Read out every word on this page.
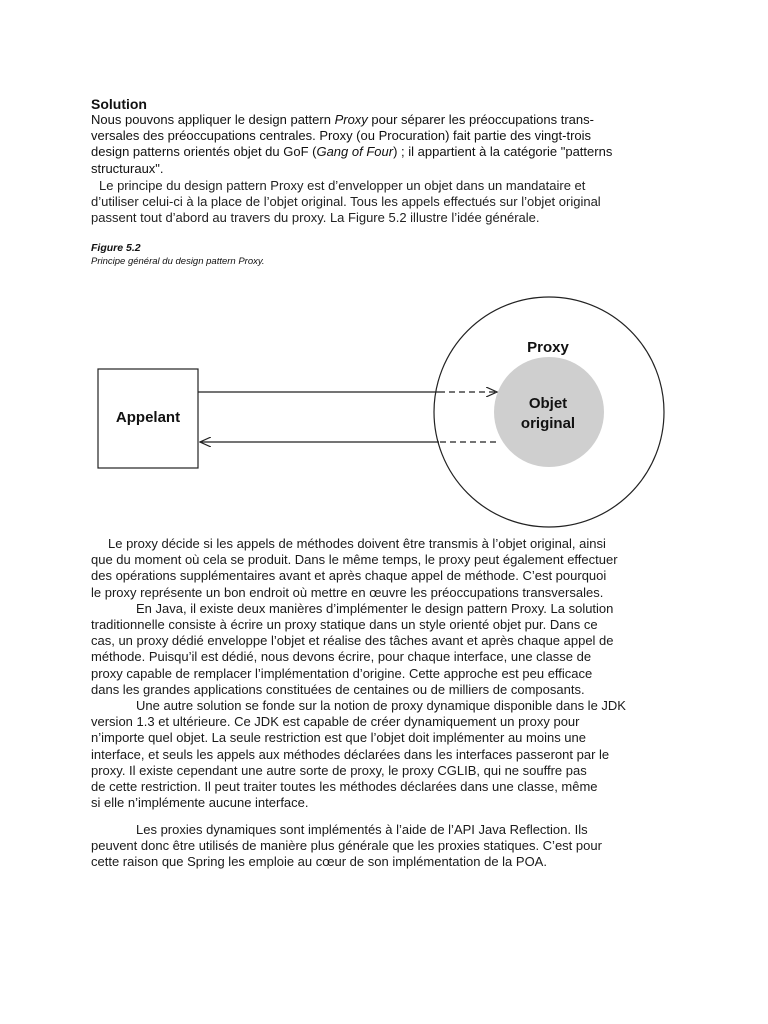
Solution
Nous pouvons appliquer le design pattern Proxy pour séparer les préoccupations trans-
versales des préoccupations centrales. Proxy (ou Procuration) fait partie des vingt-trois
design patterns orientés objet du GoF (Gang of Four) ; il appartient à la catégorie "patterns
structuraux".
Le principe du design pattern Proxy est d’envelopper un objet dans un mandataire et
d’utiliser celui-ci à la place de l’objet original. Tous les appels effectués sur l’objet original
passent tout d’abord au travers du proxy. La Figure 5.2 illustre l’idée générale.
Figure 5.2
Principe général du design pattern Proxy.
Appelant
Proxy
Objet
original
Le proxy décide si les appels de méthodes doivent être transmis à l’objet original, ainsi
que du moment où cela se produit. Dans le même temps, le proxy peut également effectuer
des opérations supplémentaires avant et après chaque appel de méthode. C’est pourquoi
le proxy représente un bon endroit où mettre en œuvre les préoccupations transversales.
En Java, il existe deux manières d’implémenter le design pattern Proxy. La solution
traditionnelle consiste à écrire un proxy statique dans un style orienté objet pur. Dans ce
cas, un proxy dédié enveloppe l’objet et réalise des tâches avant et après chaque appel de
méthode. Puisqu’il est dédié, nous devons écrire, pour chaque interface, une classe de
proxy capable de remplacer l’implémentation d’origine. Cette approche est peu efficace
dans les grandes applications constituées de centaines ou de milliers de composants.
Une autre solution se fonde sur la notion de proxy dynamique disponible dans le JDK
version 1.3 et ultérieure. Ce JDK est capable de créer dynamiquement un proxy pour
n’importe quel objet. La seule restriction est que l’objet doit implémenter au moins une
interface, et seuls les appels aux méthodes déclarées dans les interfaces passeront par le
proxy. Il existe cependant une autre sorte de proxy, le proxy CGLIB, qui ne souffre pas
de cette restriction. Il peut traiter toutes les méthodes déclarées dans une classe, même
si elle n’implémente aucune interface.
Les proxies dynamiques sont implémentés à l’aide de l’API Java Reflection. Ils
peuvent donc être utilisés de manière plus générale que les proxies statiques. C’est pour
cette raison que Spring les emploie au cœur de son implémentation de la POA.
